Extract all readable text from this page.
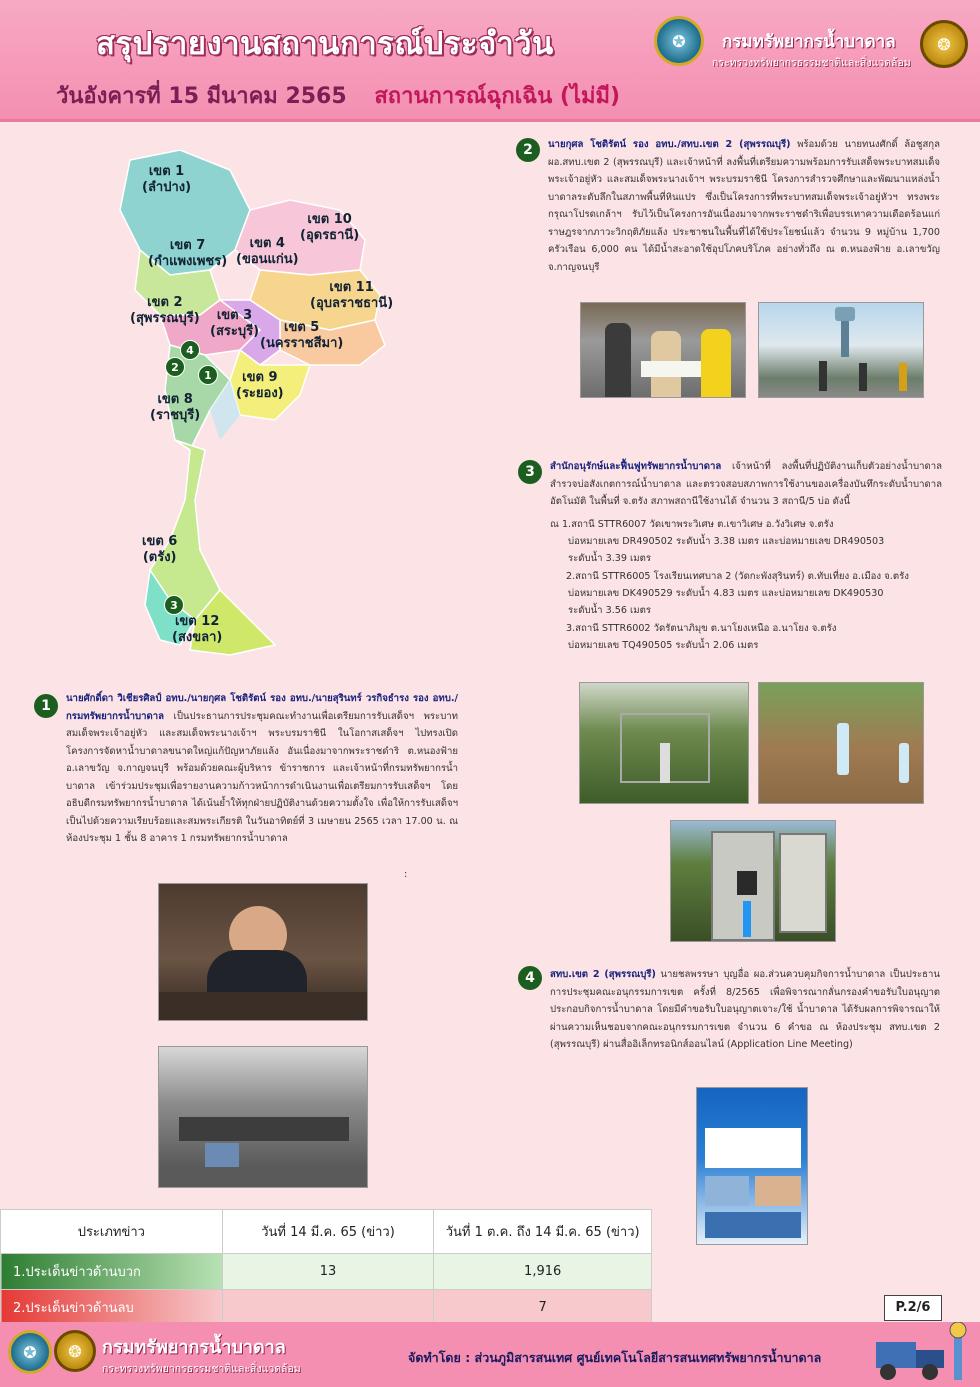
สรุปรายงานสถานการณ์ประจำวัน
วันอังคารที่ 15 มีนาคม 2565 สถานการณ์ฉุกเฉิน (ไม่มี)
✪ กรมทรัพยากรน้ำบาดาล
กระทรวงทรัพยากรธรรมชาติและสิ่งแวดล้อม
❂
เขต 1
(ลำปาง)
เขต 7
(กำแพงเพชร)
เขต 10
(อุดรธานี)
เขต 4
(ขอนแก่น)
เขต 11
(อุบลราชธานี)
เขต 2
(สุพรรณบุรี)	เขต 3
(สระบุรี)	เขต 5
(นครราชสีมา)
เขต 9
(ระยอง)
เขต 8
(ราชบุรี)
เขต 6
(ตรัง)
เขต 12
(สงขลา)
4
2
1
3
2	นายกุศล โชติรัตน์ รอง อทบ./สทบ.เขต 2 (สุพรรณบุรี) พร้อมด้วย นายทนงศักดิ์ ล้อชูสกุล ผอ.สทบ.เขต 2 (สุพรรณบุรี) และเจ้าหน้าที่ ลงพื้นที่เตรียมความพร้อมการรับเสด็จพระบาทสมเด็จพระเจ้าอยู่หัว และสมเด็จพระนางเจ้าฯ พระบรมราชินี โครงการสำรวจศึกษาและพัฒนาแหล่งน้ำบาดาลระดับลึกในสภาพพื้นที่หินแปร ซึ่งเป็นโครงการที่พระบาทสมเด็จพระเจ้าอยู่หัวฯ ทรงพระกรุณาโปรดเกล้าฯ รับไว้เป็นโครงการอันเนื่องมาจากพระราชดำริเพื่อบรรเทาความเดือดร้อนแก่ราษฎรจากภาวะวิกฤติภัยแล้ง ประชาชนในพื้นที่ได้ใช้ประโยชน์แล้ว จำนวน 9 หมู่บ้าน 1,700 ครัวเรือน 6,000 คน ได้มีน้ำสะอาดใช้อุปโภคบริโภค อย่างทั่วถึง ณ ต.หนองฟ้าย อ.เลาขวัญ จ.กาญจนบุรี
3	สำนักอนุรักษ์และฟื้นฟูทรัพยากรน้ำบาดาล เจ้าหน้าที่ ลงพื้นที่ปฏิบัติงานเก็บตัวอย่างน้ำบาดาล สำรวจบ่อสังเกตการณ์น้ำบาดาล และตรวจสอบสภาพการใช้งานของเครื่องบันทึกระดับน้ำบาดาลอัตโนมัติ ในพื้นที่ จ.ตรัง สภาพสถานีใช้งานได้ จำนวน 3 สถานี/5 บ่อ ดังนี้
ณ 1.สถานี STTR6007 วัดเขาพระวิเศษ ต.เขาวิเศษ อ.วังวิเศษ จ.ตรัง
บ่อหมายเลข DR490502 ระดับน้ำ 3.38 เมตร และบ่อหมายเลข DR490503
ระดับน้ำ 3.39 เมตร
2.สถานี STTR6005 โรงเรียนเทศบาล 2 (วัดกะพังสุรินทร์) ต.ทับเที่ยง อ.เมือง จ.ตรัง
บ่อหมายเลข DK490529 ระดับน้ำ 4.83 เมตร และบ่อหมายเลข DK490530
ระดับน้ำ 3.56 เมตร
3.สถานี STTR6002 วัดรัตนาภิมุข ต.นาโยงเหนือ อ.นาโยง จ.ตรัง
บ่อหมายเลข TQ490505 ระดับน้ำ 2.06 เมตร
1	นายศักดิ์ดา วิเชียรศิลป์ อทบ./นายกุศล โชติรัตน์ รอง อทบ./นายสุรินทร์ วรกิจธำรง รอง อทบ./กรมทรัพยากรน้ำบาดาล เป็นประธานการประชุมคณะทำงานเพื่อเตรียมการรับเสด็จฯ พระบาทสมเด็จพระเจ้าอยู่หัว และสมเด็จพระนางเจ้าฯ พระบรมราชินี ในโอกาสเสด็จฯ ไปทรงเปิด โครงการจัดหาน้ำบาดาลขนาดใหญ่แก้ปัญหาภัยแล้ง อันเนื่องมาจากพระราชดำริ ต.หนองฟ้าย อ.เลาขวัญ จ.กาญจนบุรี พร้อมด้วยคณะผู้บริหาร ข้าราชการ และเจ้าหน้าที่กรมทรัพยากรน้ำบาดาล เข้าร่วมประชุมเพื่อรายงานความก้าวหน้าการดำเนินงานเพื่อเตรียมการรับเสด็จฯ โดยอธิบดีกรมทรัพยากรน้ำบาดาล ได้เน้นย้ำให้ทุกฝ่ายปฏิบัติงานด้วยความตั้งใจ เพื่อให้การรับเสด็จฯ เป็นไปด้วยความเรียบร้อยและสมพระเกียรติ ในวันอาทิตย์ที่ 3 เมษายน 2565 เวลา 17.00 น. ณ ห้องประชุม 1 ชั้น 8 อาคาร 1 กรมทรัพยากรน้ำบาดาล
:
4	สทบ.เขต 2 (สุพรรณบุรี) นายชลพรรษา บุญอื่อ ผอ.ส่วนควบคุมกิจการน้ำบาดาล เป็นประธานการประชุมคณะอนุกรรมการเขต ครั้งที่ 8/2565 เพื่อพิจารณากลั่นกรองคำขอรับใบอนุญาตประกอบกิจการน้ำบาดาล โดยมีคำขอรับใบอนุญาตเจาะ/ใช้ น้ำบาดาล ได้รับผลการพิจารณาให้ผ่านความเห็นชอบจากคณะอนุกรรมการเขต จำนวน 6 คำขอ ณ ห้องประชุม สทบ.เขต 2 (สุพรรณบุรี) ผ่านสื่ออิเล็กทรอนิกส์ออนไลน์ (Application Line Meeting)
ประเภทข่าว	วันที่ 14 มี.ค. 65 (ข่าว)	วันที่ 1 ต.ค. ถึง 14 มี.ค. 65 (ข่าว)
1.ประเด็นข่าวด้านบวก	13	1,916
2.ประเด็นข่าวด้านลบ		7	P.2/6
✪ ❂ กรมทรัพยากรน้ำบาดาล
กระทรวงทรัพยากรธรรมชาติและสิ่งแวดล้อม
จัดทำโดย : ส่วนภูมิสารสนเทศ ศูนย์เทคโนโลยีสารสนเทศทรัพยากรน้ำบาดาล
